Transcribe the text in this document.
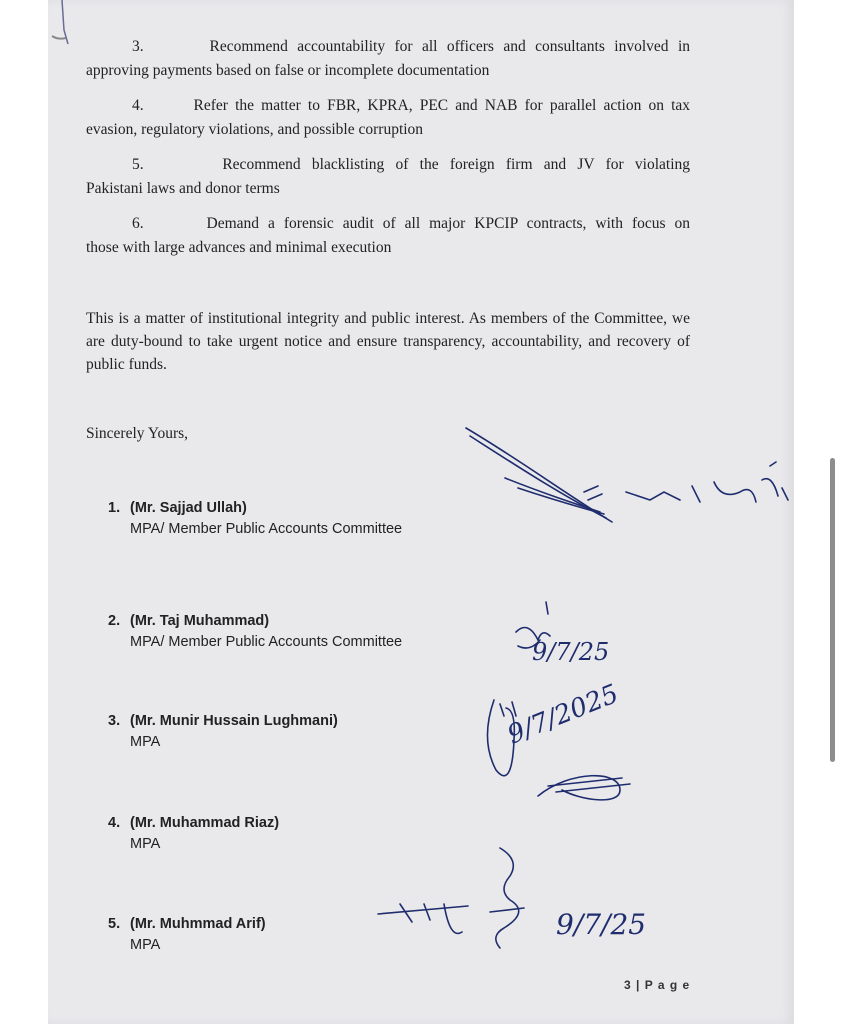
3.	Recommend accountability for all officers and consultants involved in
approving payments based on false or incomplete documentation
4.	Refer the matter to FBR, KPRA, PEC and NAB for parallel action on tax
evasion, regulatory violations, and possible corruption
5.	Recommend blacklisting of the foreign firm and JV for violating
Pakistani laws and donor terms
6.	Demand a forensic audit of all major KPCIP contracts, with focus on
those with large advances and minimal execution
This is a matter of institutional integrity and public interest. As members of the Committee, we are duty-bound to take urgent notice and ensure transparency, accountability, and recovery of public funds.
Sincerely Yours,
1. (Mr. Sajjad Ullah)
MPA/ Member Public Accounts Committee
2. (Mr. Taj Muhammad)
MPA/ Member Public Accounts Committee
3. (Mr. Munir Hussain Lughmani)
MPA
4. (Mr. Muhammad Riaz)
MPA
5. (Mr. Muhmmad Arif)
MPA
9/7/25
9/7/2025
9/7/25
3 | P a g e
